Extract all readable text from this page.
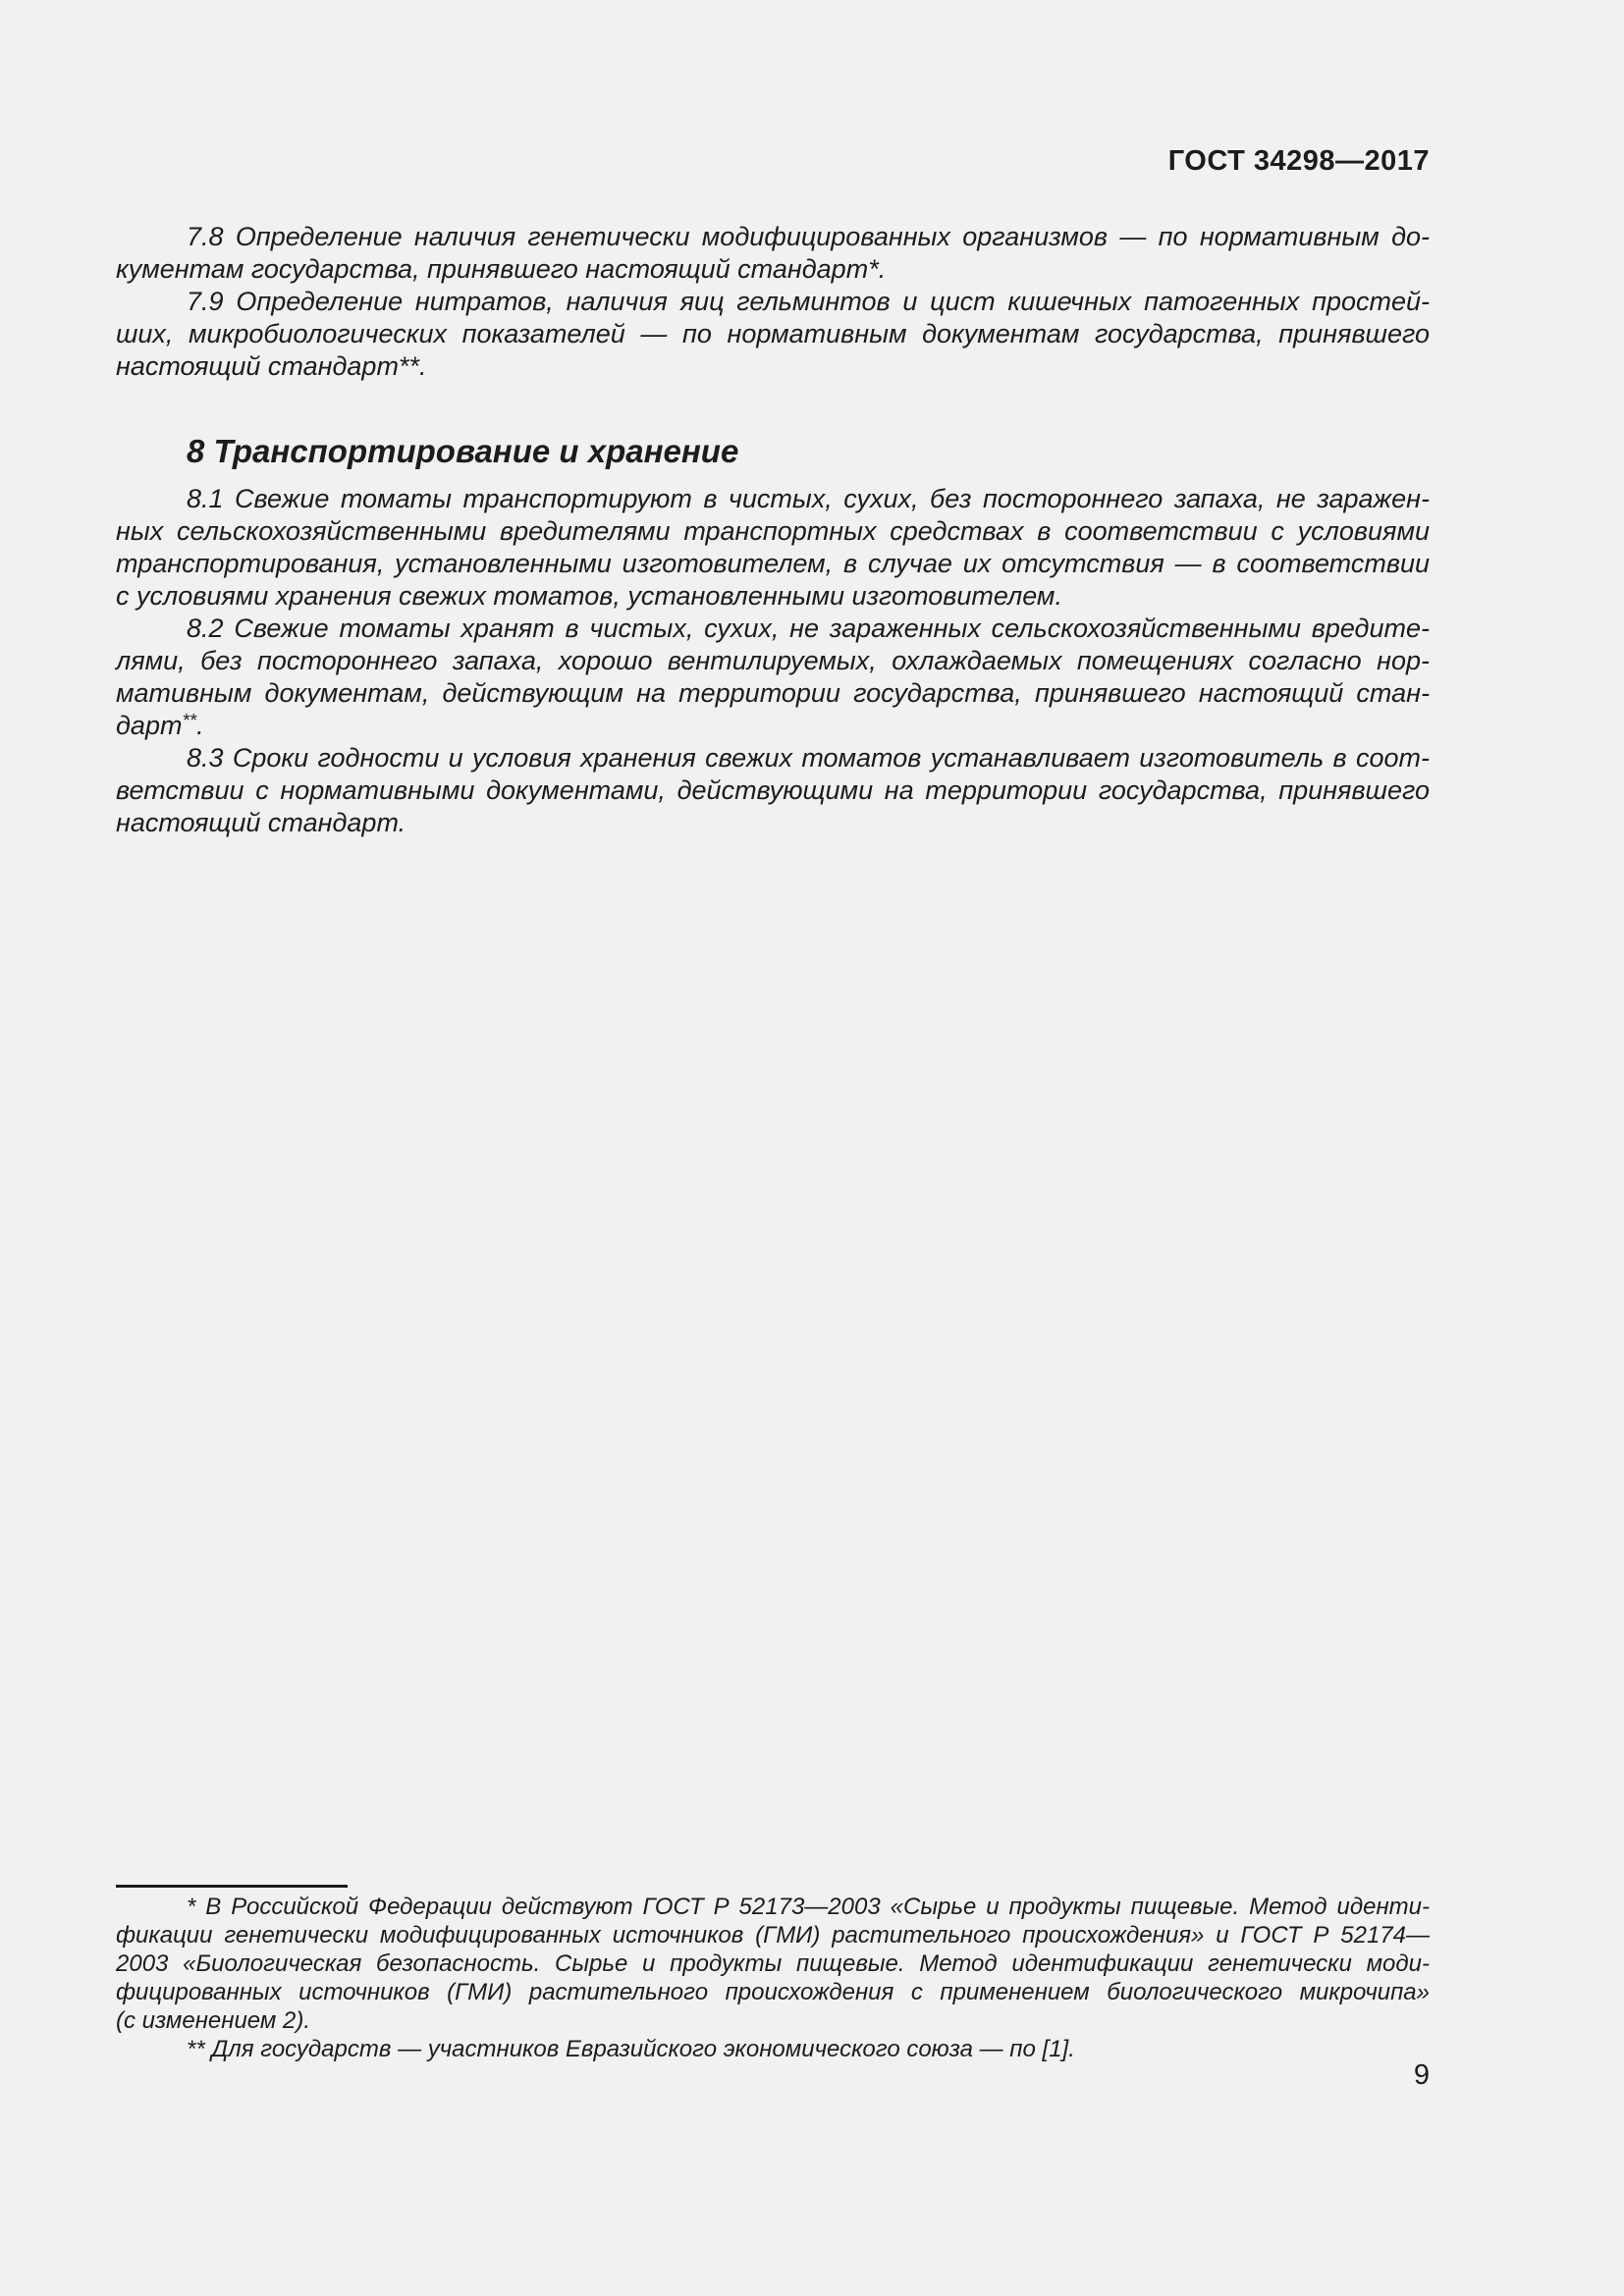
ГОСТ 34298—2017
7.8 Определение наличия генетически модифицированных организмов — по нормативным до-
кументам государства, принявшего настоящий стандарт*.
7.9 Определение нитратов, наличия яиц гельминтов и цист кишечных патогенных простей-
ших, микробиологических показателей — по нормативным документам государства, принявшего
настоящий стандарт**.
8 Транспортирование и хранение
8.1 Свежие томаты транспортируют в чистых, сухих, без постороннего запаха, не заражен-
ных сельскохозяйственными вредителями транспортных средствах в соответствии с условиями
транспортирования, установленными изготовителем, в случае их отсутствия — в соответствии
с условиями хранения свежих томатов, установленными изготовителем.
8.2 Свежие томаты хранят в чистых, сухих, не зараженных сельскохозяйственными вредите-
лями, без постороннего запаха, хорошо вентилируемых, охлаждаемых помещениях согласно нор-
мативным документам, действующим на территории государства, принявшего настоящий стан-
дарт**.
8.3 Сроки годности и условия хранения свежих томатов устанавливает изготовитель в соот-
ветствии с нормативными документами, действующими на территории государства, принявшего
настоящий стандарт.
* В Российской Федерации действуют ГОСТ Р 52173—2003 «Сырье и продукты пищевые. Метод иденти-
фикации генетически модифицированных источников (ГМИ) растительного происхождения» и ГОСТ Р 52174—
2003 «Биологическая безопасность. Сырье и продукты пищевые. Метод идентификации генетически моди-
фицированных источников (ГМИ) растительного происхождения с применением биологического микрочипа»
(с изменением 2).
** Для государств — участников Евразийского экономического союза — по [1].
9
